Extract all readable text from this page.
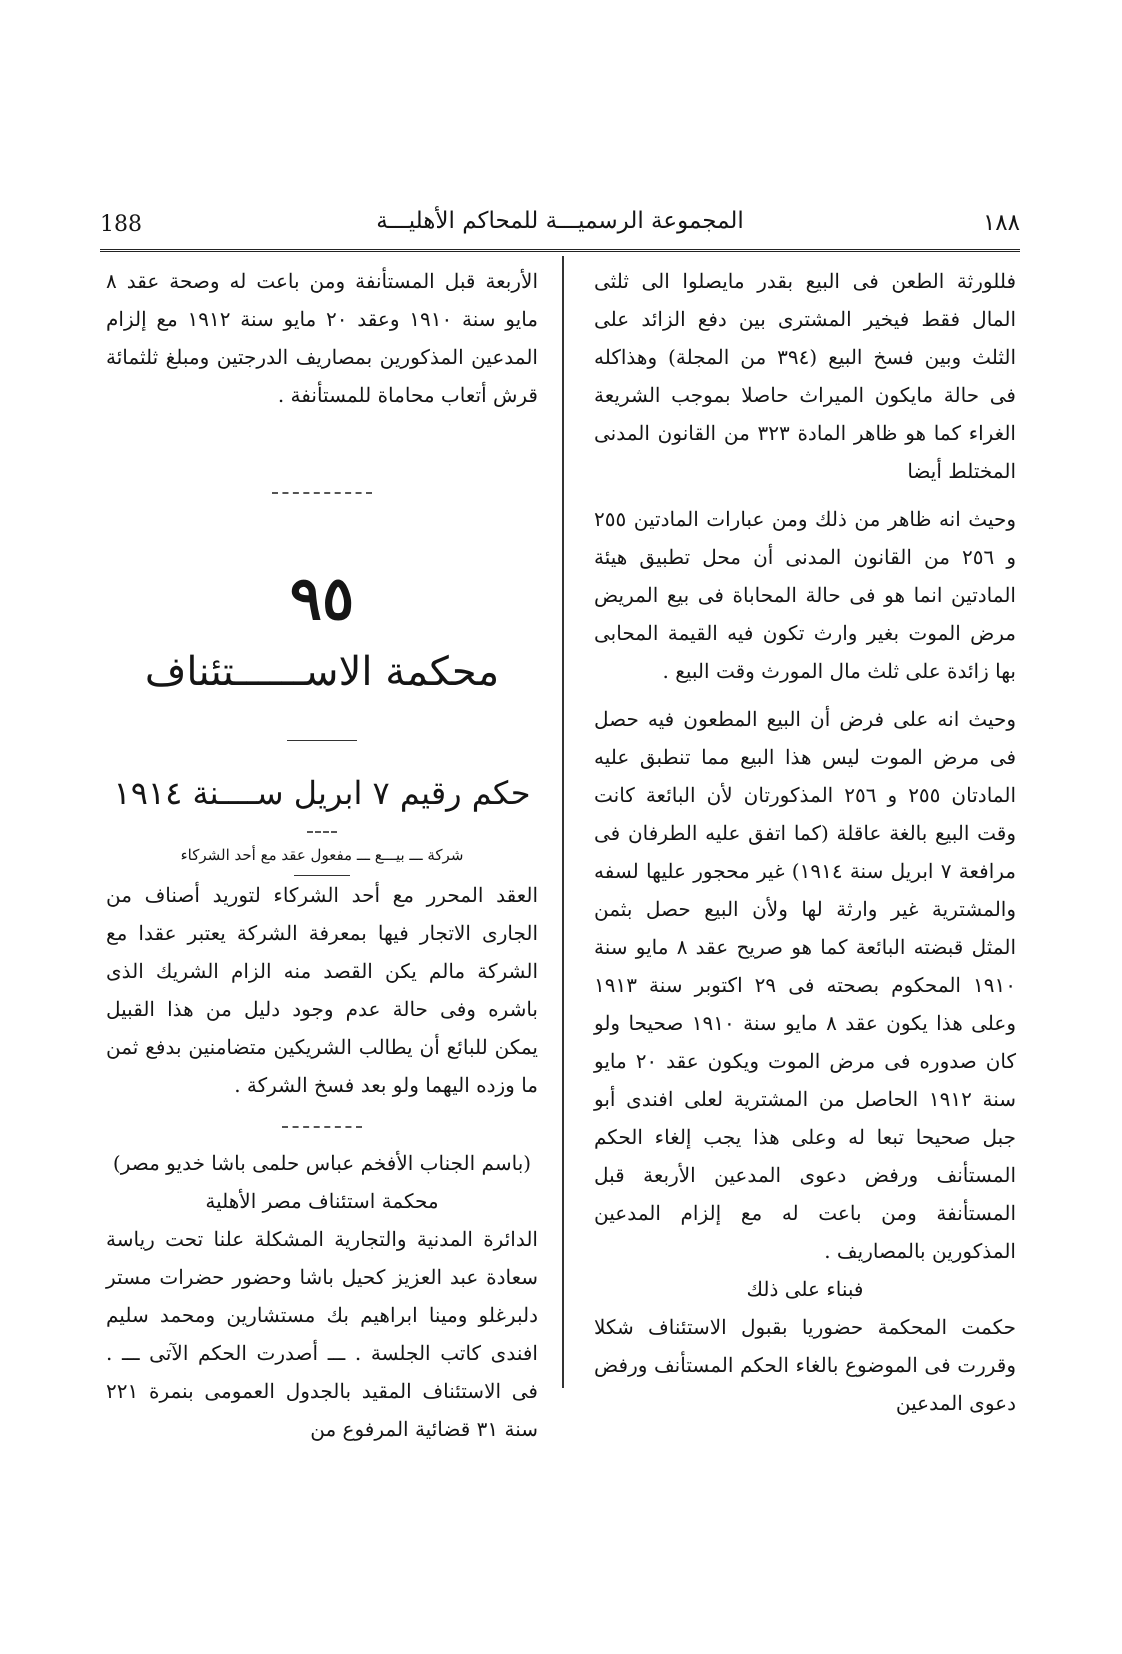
188	المجموعة الرسميـــة للمحاكم الأهليـــة	١٨٨

فللورثة الطعن فى البيع بقدر مايصلوا الى ثلثى المال فقط فيخير المشترى بين دفع الزائد على الثلث وبين فسخ البيع (٣٩٤ من المجلة) وهذاكله فى حالة مايكون الميراث حاصلا بموجب الشريعة الغراء كما هو ظاهر المادة ٣٢٣ من القانون المدنى المختلط أيضا

وحيث انه ظاهر من ذلك ومن عبارات المادتين ٢٥٥ و ٢٥٦ من القانون المدنى أن محل تطبيق هيئة المادتين انما هو فى حالة المحاباة فى بيع المريض مرض الموت بغير وارث تكون فيه القيمة المحابى بها زائدة على ثلث مال المورث وقت البيع .

وحيث انه على فرض أن البيع المطعون فيه حصل فى مرض الموت ليس هذا البيع مما تنطبق عليه المادتان ٢٥٥ و ٢٥٦ المذكورتان لأن البائعة كانت وقت البيع بالغة عاقلة (كما اتفق عليه الطرفان فى مرافعة ٧ ابريل سنة ١٩١٤) غير محجور عليها لسفه والمشترية غير وارثة لها ولأن البيع حصل بثمن المثل قبضته البائعة كما هو صريح عقد ٨ مايو سنة ١٩١٠ المحكوم بصحته فى ٢٩ اكتوبر سنة ١٩١٣ وعلى هذا يكون عقد ٨ مايو سنة ١٩١٠ صحيحا ولو كان صدوره فى مرض الموت ويكون عقد ٢٠ مايو سنة ١٩١٢ الحاصل من المشترية لعلى افندى أبو جبل صحيحا تبعا له وعلى هذا يجب إلغاء الحكم المستأنف ورفض دعوى المدعين الأربعة قبل المستأنفة ومن باعت له مع إلزام المدعين المذكورين بالمصاريف .

فبناء على ذلك

حكمت المحكمة حضوريا بقبول الاستئناف شكلا وقررت فى الموضوع بالغاء الحكم المستأنف ورفض دعوى المدعين

الأربعة قبل المستأنفة ومن باعت له وصحة عقد ٨ مايو سنة ١٩١٠ وعقد ٢٠ مايو سنة ١٩١٢ مع إلزام المدعين المذكورين بمصاريف الدرجتين ومبلغ ثلثمائة قرش أتعاب محاماة للمستأنفة .

٩٥
محكمة الاســــــتئناف
حكم رقيم ٧ ابريل ســــنة ١٩١٤
شركة ـــ بيـــع ـــ مفعول عقد مع أحد الشركاء

العقد المحرر مع أحد الشركاء لتوريد أصناف من الجارى الاتجار فيها بمعرفة الشركة يعتبر عقدا مع الشركة مالم يكن القصد منه الزام الشريك الذى باشره وفى حالة عدم وجود دليل من هذا القبيل يمكن للبائع أن يطالب الشريكين متضامنين بدفع ثمن ما وزده اليهما ولو بعد فسخ الشركة .

(باسم الجناب الأفخم عباس حلمى باشا خديو مصر)

محكمة استئناف مصر الأهلية

الدائرة المدنية والتجارية المشكلة علنا تحت رياسة سعادة عبد العزيز كحيل باشا وحضور حضرات مستر دلبرغلو ومينا ابراهيم بك مستشارين ومحمد سليم افندى كاتب الجلسة . ـــ أصدرت الحكم الآتى ـــ . فى الاستئناف المقيد بالجدول العمومى بنمرة ٢٢١ سنة ٣١ قضائية المرفوع من
